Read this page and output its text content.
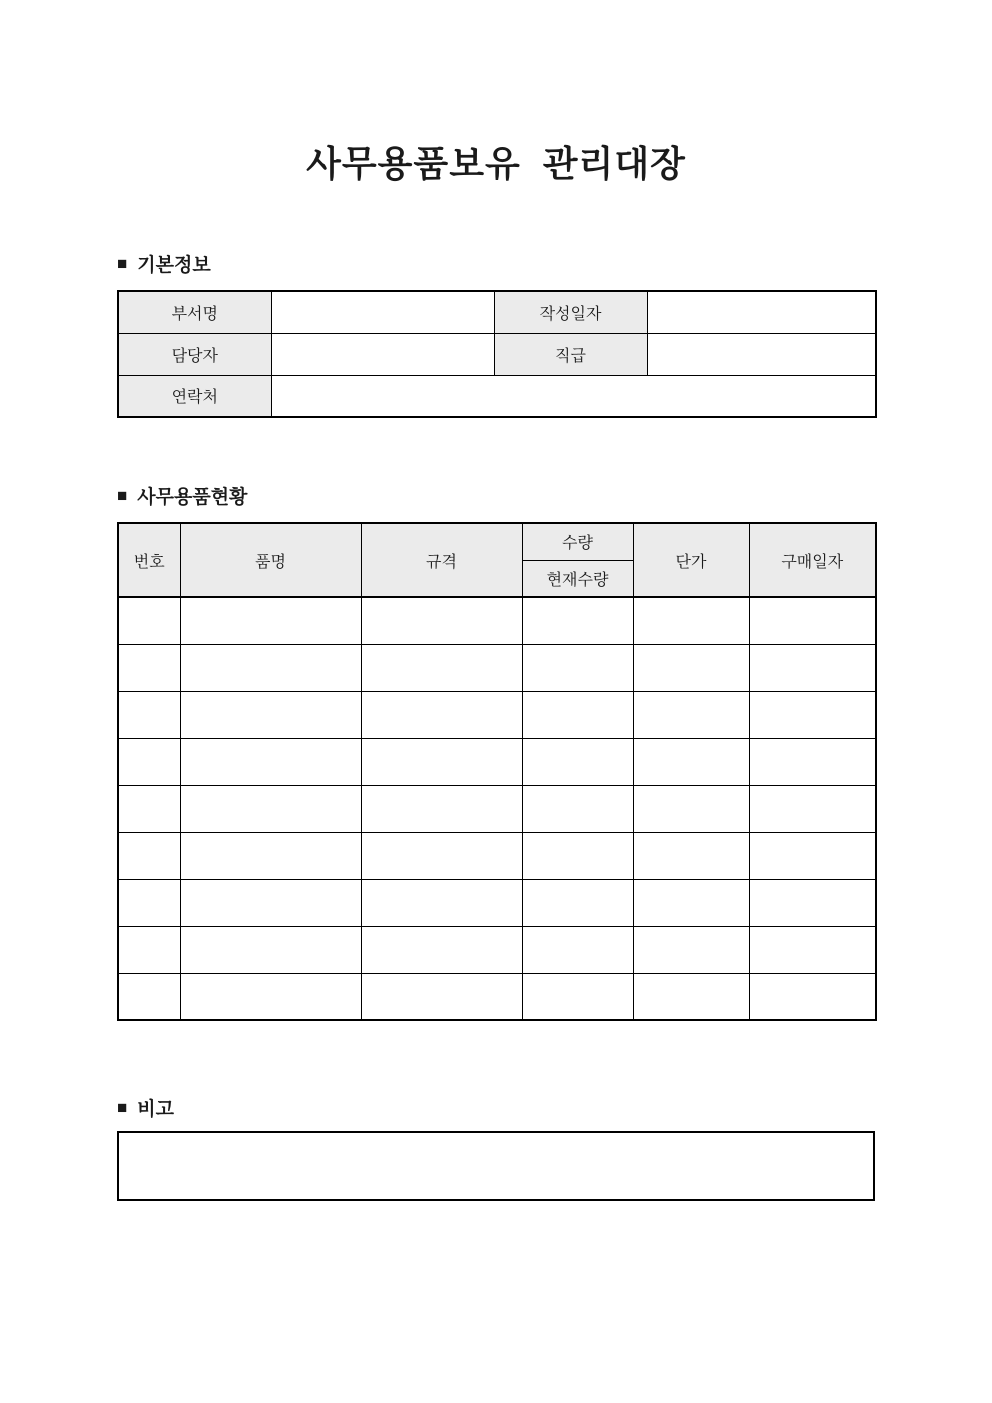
사무용품보유  관리대장
■ 기본정보
부서명		작성일자	
담당자		직급	
연락처			
■ 사무용품현황
번호	품명	규격	수량	단가	구매일자
			현재수량		

■ 비고
